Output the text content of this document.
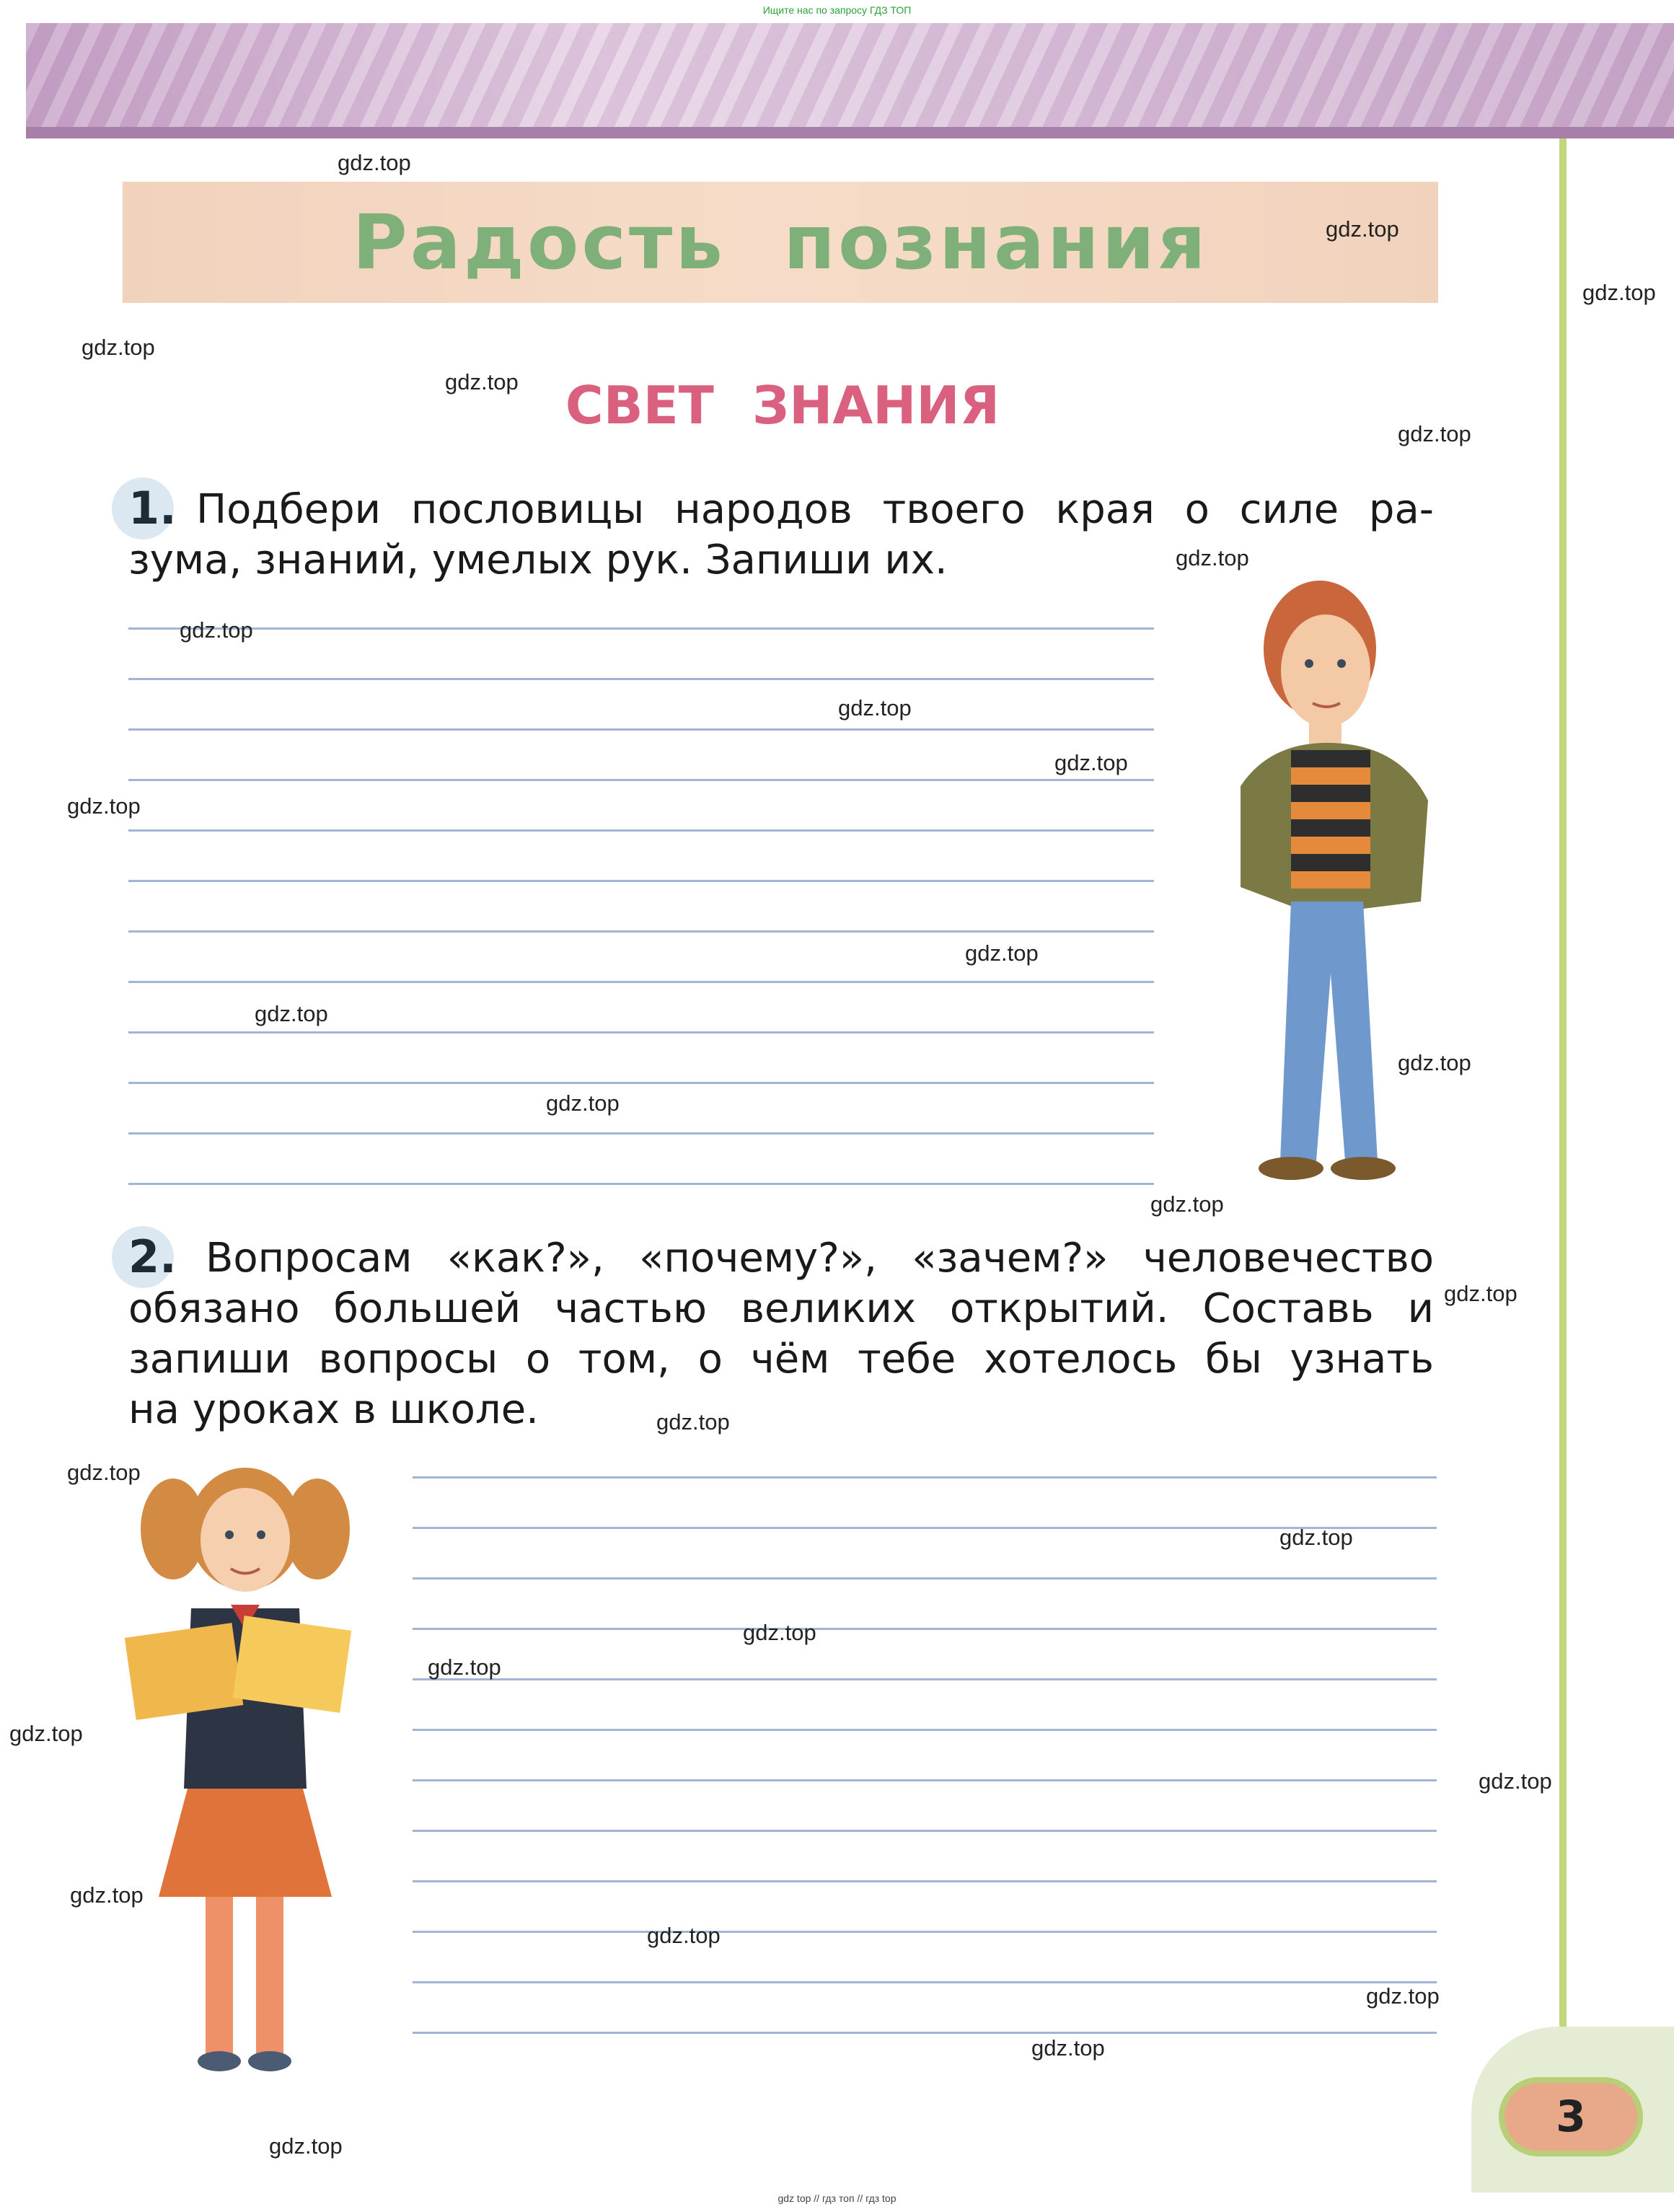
Ищите нас по запросу ГДЗ ТОП
3
Радость познания
СВЕТ ЗНАНИЯ
1. Подбери пословицы народов твоего края о силе ра-
зума, знаний, умелых рук. Запиши их.
2. Вопросам «как?», «почему?», «зачем?» человечество
обязано большей частью великих открытий. Составь и
запиши вопросы о том, о чём тебе хотелось бы узнать
на уроках в школе.
gdz.top
gdz.top
gdz.top
gdz.top
gdz.top
gdz.top
gdz.top
gdz.top
gdz.top
gdz.top
gdz.top
gdz.top
gdz.top
gdz.top
gdz.top
gdz.top
gdz.top
gdz.top
gdz.top
gdz.top
gdz.top
gdz.top
gdz.top
gdz.top
gdz.top
gdz.top
gdz.top
gdz.top
gdz.top
gdz top // гдз топ // гдз top
